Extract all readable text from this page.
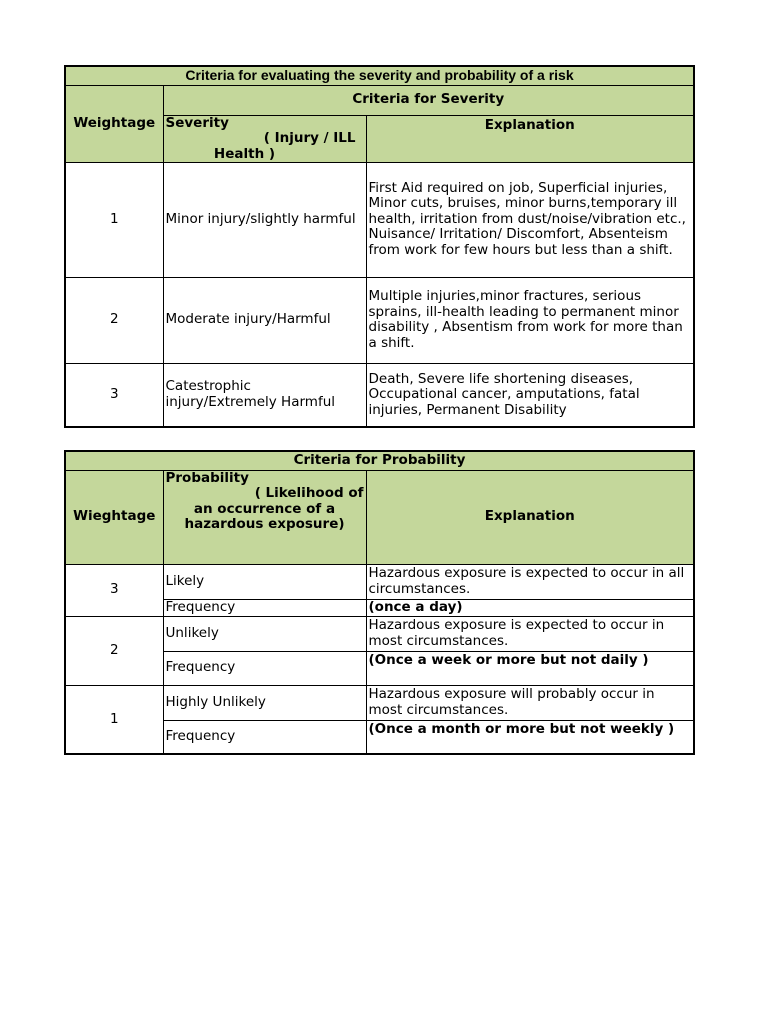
Criteria for evaluating the severity and probability of a risk		
Weightage	Criteria for Severity	

	Severity
( Injury / ILL
Health )	Explanation
1	Minor injury/slightly harmful	First Aid required on job, Superficial injuries, Minor cuts, bruises, minor burns,temporary ill health, irritation from dust/noise/vibration etc., Nuisance/ Irritation/ Discomfort, Absenteism from work for few hours but less than a shift.
2	Moderate injury/Harmful	Multiple injuries,minor fractures, serious sprains, ill-health leading to permanent minor disability , Absentism from work for more than a shift.
3	Catestrophic injury/Extremely Harmful	Death, Severe life shortening diseases, Occupational cancer, amputations, fatal injuries, Permanent Disability
Criteria for Probability		
Wieghtage	Probability
( Likelihood of
an occurrence of a
hazardous exposure)	Explanation
3	Likely	Hazardous exposure is expected to occur in all circumstances.
	Frequency	(once a day)
2	Unlikely	Hazardous exposure is expected to occur in most circumstances.
	Frequency	(Once a week or more but not daily )
1	Highly Unlikely	Hazardous exposure will probably occur in most circumstances.
	Frequency	(Once a month or more but not weekly )
